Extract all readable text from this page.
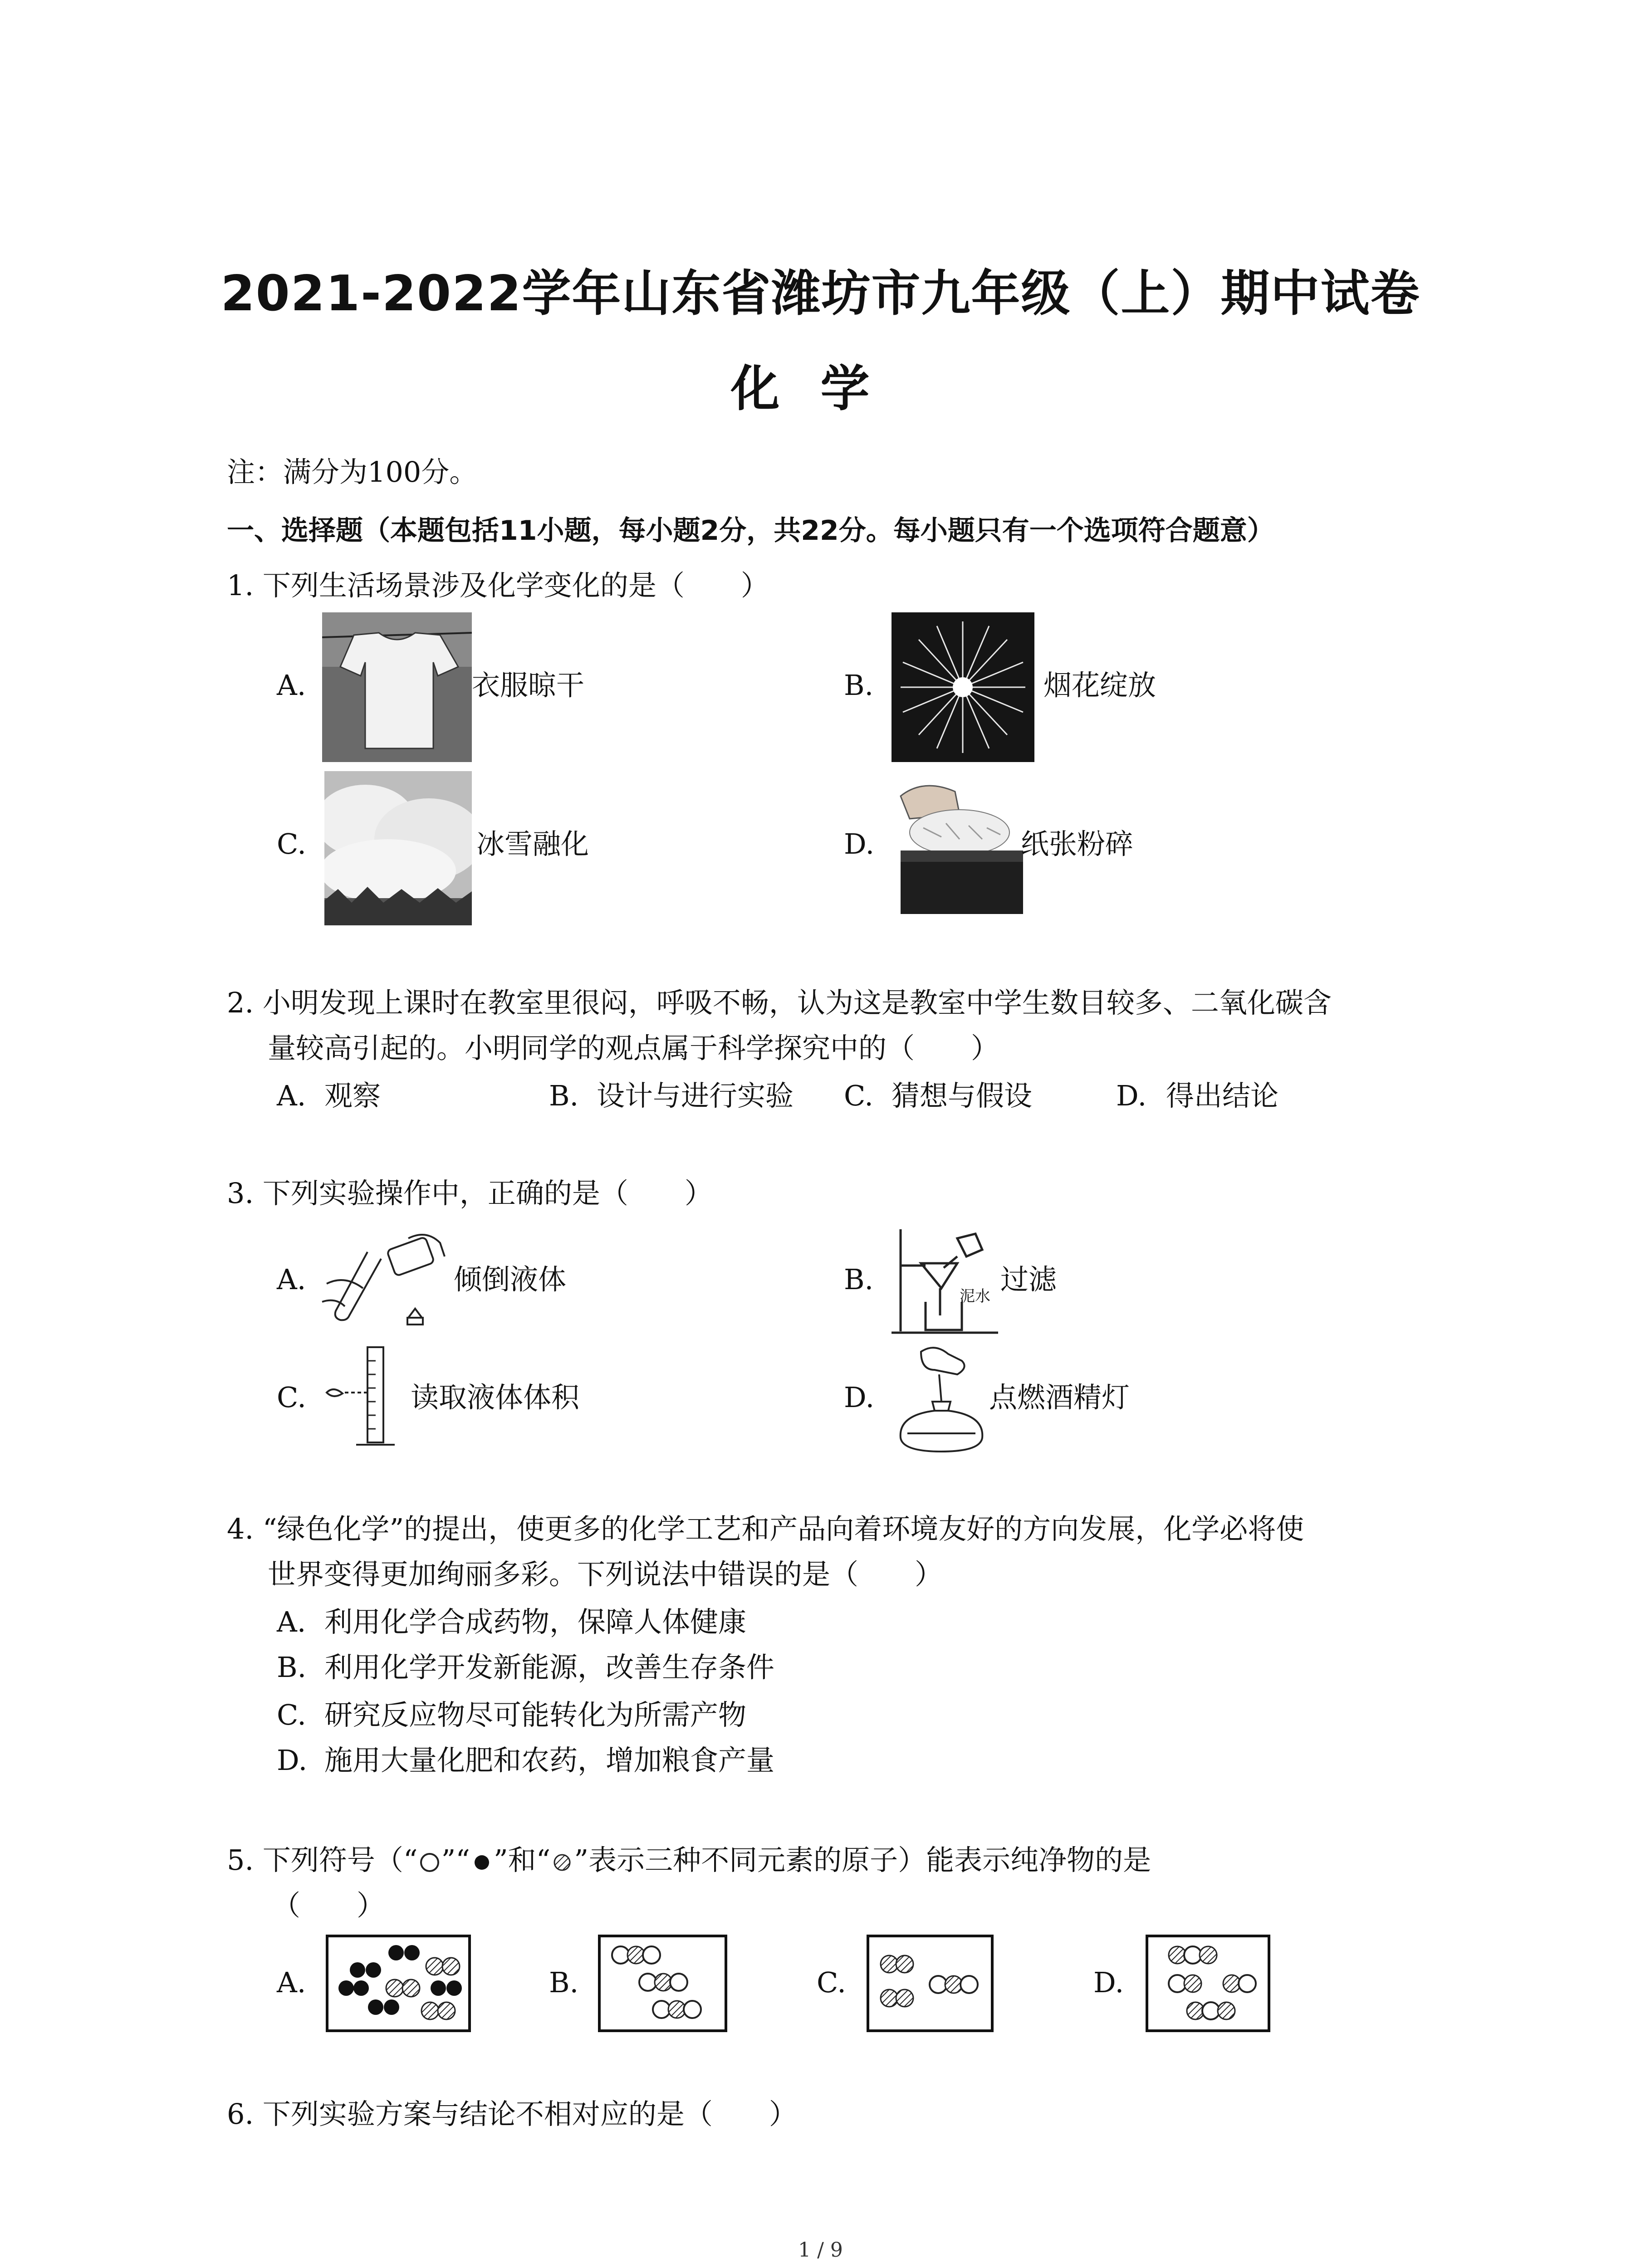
2021-2022学年山东省潍坊市九年级（上）期中试卷
化学
注：满分为100分。
一、选择题（本题包括11小题，每小题2分，共22分。每小题只有一个选项符合题意）
1. 下列生活场景涉及化学变化的是（　　）
A.	衣服晾干	B.	烟花绽放
C.	冰雪融化	D.	纸张粉碎
2. 小明发现上课时在教室里很闷，呼吸不畅，认为这是教室中学生数目较多、二氧化碳含
量较高引起的。小明同学的观点属于科学探究中的（　　）
A. 观察	B. 设计与进行实验 C. 猜想与假设	D. 得出结论
3. 下列实验操作中，正确的是（　　）
A.	倾倒液体	B.
泥水
过滤
C.	读取液体体积	D.	点燃酒精灯
4. “绿色化学”的提出，使更多的化学工艺和产品向着环境友好的方向发展，化学必将使
世界变得更加绚丽多彩。下列说法中错误的是（　　）
A. 利用化学合成药物，保障人体健康
B. 利用化学开发新能源，改善生存条件
C. 研究反应物尽可能转化为所需产物
D. 施用大量化肥和农药，增加粮食产量
5. 下列符号（“ ”“ ”和“ ”表示三种不同元素的原子）能表示纯净物的是
（　　）
A.	B.	C.	D.
6. 下列实验方案与结论不相对应的是（　　）
1 / 9
